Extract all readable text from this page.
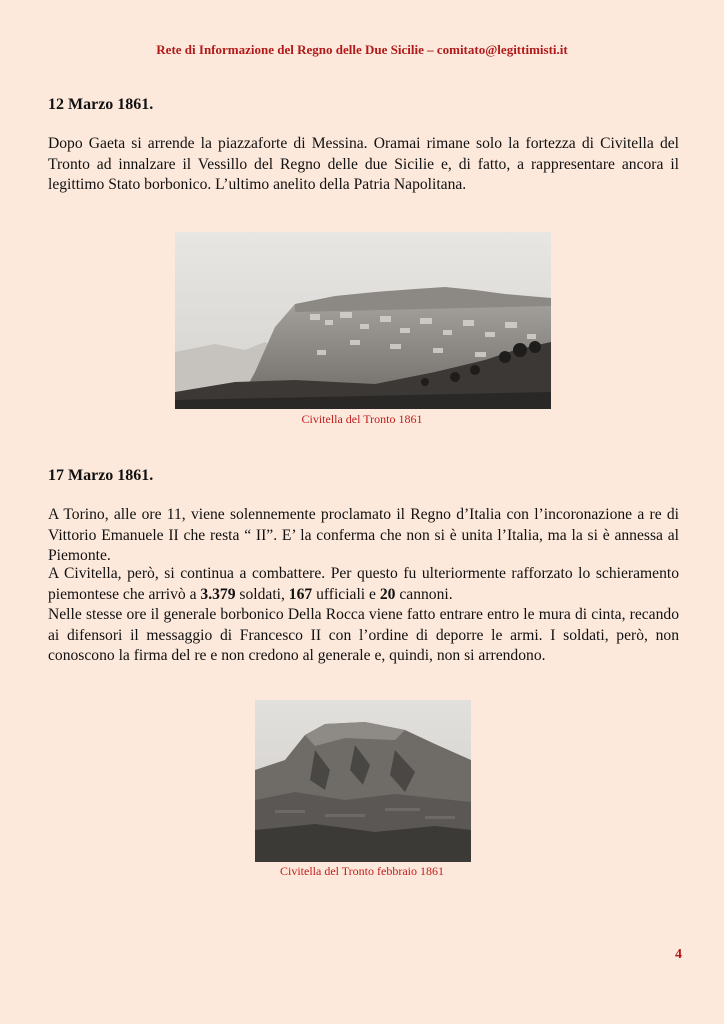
Rete di Informazione del Regno delle Due Sicilie – comitato@legittimisti.it
12 Marzo 1861.

Dopo Gaeta si arrende la piazzaforte di Messina. Oramai rimane solo la fortezza di Civitella del Tronto ad innalzare il Vessillo del Regno delle due Sicilie e, di fatto, a rappresentare ancora il legittimo Stato borbonico. L’ultimo anelito della Patria Napolitana.

Civitella del Tronto 1861
17 Marzo 1861.

A Torino, alle ore 11, viene solennemente proclamato il Regno d’Italia con l’incoronazione a re di Vittorio Emanuele II che resta “ II”. E’ la conferma che non si è unita l’Italia, ma la si è annessa al Piemonte.

A Civitella, però, si continua a combattere. Per questo fu ulteriormente rafforzato lo schieramento piemontese che arrivò a 3.379 soldati, 167 ufficiali e 20 cannoni.

Nelle stesse ore il generale borbonico Della Rocca viene fatto entrare entro le mura di cinta, recando ai difensori il messaggio di Francesco II con l’ordine di deporre le armi. I soldati, però, non conoscono la firma del re e non credono al generale e, quindi, non si arrendono.

Civitella del Tronto febbraio 1861
4
